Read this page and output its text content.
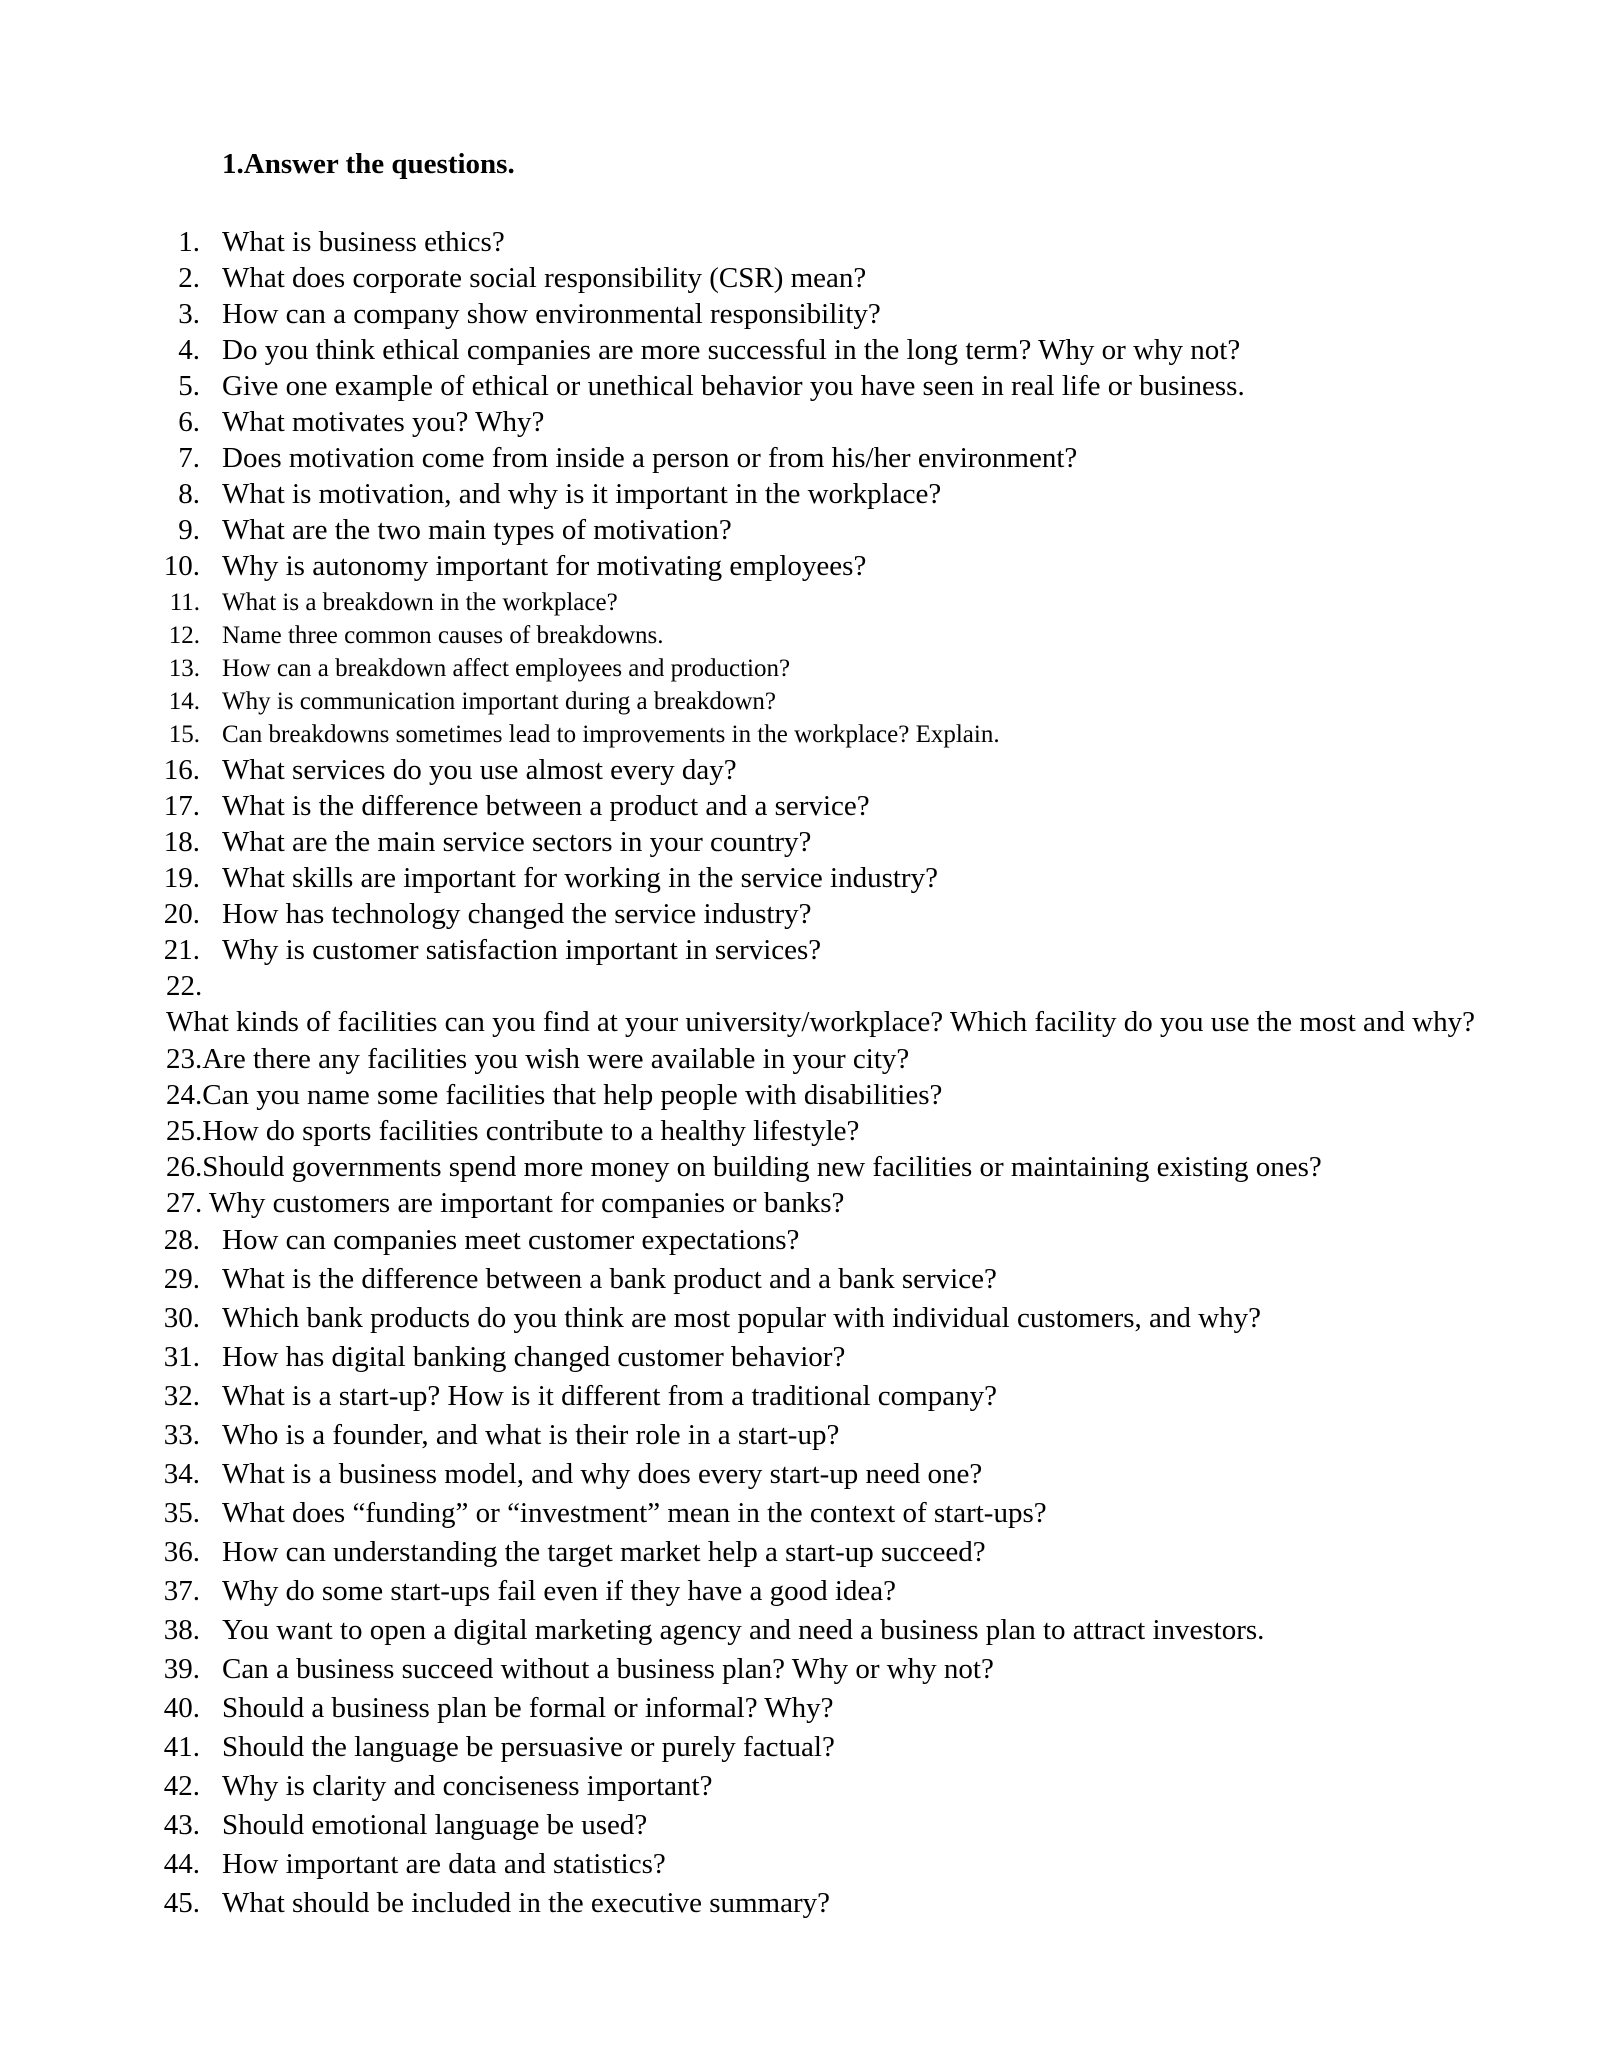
1.Answer the questions.
1. What is business ethics?
2. What does corporate social responsibility (CSR) mean?
3. How can a company show environmental responsibility?
4. Do you think ethical companies are more successful in the long term? Why or why not?
5. Give one example of ethical or unethical behavior you have seen in real life or business.
6. What motivates you? Why?
7. Does motivation come from inside a person or from his/her environment?
8. What is motivation, and why is it important in the workplace?
9. What are the two main types of motivation?
10. Why is autonomy important for motivating employees?
11. What is a breakdown in the workplace?
12. Name three common causes of breakdowns.
13. How can a breakdown affect employees and production?
14. Why is communication important during a breakdown?
15. Can breakdowns sometimes lead to improvements in the workplace? Explain.
16. What services do you use almost every day?
17. What is the difference between a product and a service?
18. What are the main service sectors in your country?
19. What skills are important for working in the service industry?
20. How has technology changed the service industry?
21. Why is customer satisfaction important in services?
22. What kinds of facilities can you find at your university/workplace? Which facility do you use the most and why?
23.Are there any facilities you wish were available in your city?
24.Can you name some facilities that help people with disabilities?
25.How do sports facilities contribute to a healthy lifestyle?
26.Should governments spend more money on building new facilities or maintaining existing ones?
27. Why customers are important for companies or banks?
28. How can companies meet customer expectations?
29. What is the difference between a bank product and a bank service?
30. Which bank products do you think are most popular with individual customers, and why?
31. How has digital banking changed customer behavior?
32. What is a start-up? How is it different from a traditional company?
33. Who is a founder, and what is their role in a start-up?
34. What is a business model, and why does every start-up need one?
35. What does “funding” or “investment” mean in the context of start-ups?
36. How can understanding the target market help a start-up succeed?
37. Why do some start-ups fail even if they have a good idea?
38. You want to open a digital marketing agency and need a business plan to attract investors.
39. Can a business succeed without a business plan? Why or why not?
40. Should a business plan be formal or informal? Why?
41. Should the language be persuasive or purely factual?
42. Why is clarity and conciseness important?
43. Should emotional language be used?
44. How important are data and statistics?
45. What should be included in the executive summary?
